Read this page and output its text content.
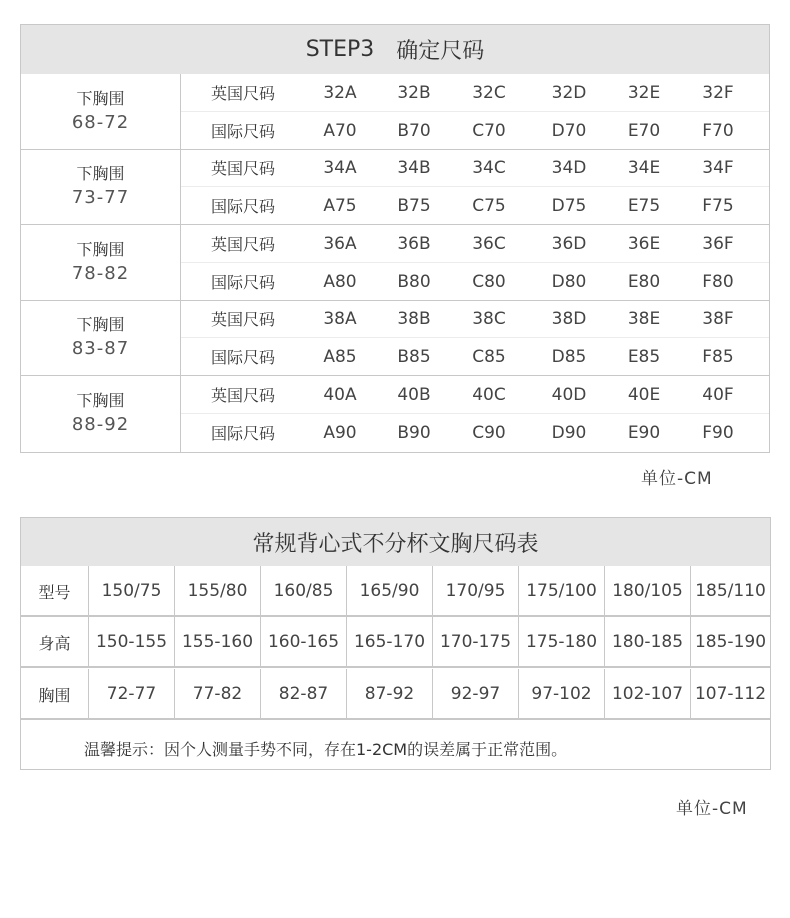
STEP3 确定尺码
下胸围
68-72
英国尺码	32A	32B	32C	32D	32E	32F
国际尺码	A70	B70	C70	D70	E70	F70
下胸围
73-77
英国尺码	34A	34B	34C	34D	34E	34F
国际尺码	A75	B75	C75	D75	E75	F75
下胸围
78-82
英国尺码	36A	36B	36C	36D	36E	36F
国际尺码	A80	B80	C80	D80	E80	F80
下胸围
83-87
英国尺码	38A	38B	38C	38D	38E	38F
国际尺码	A85	B85	C85	D85	E85	F85
下胸围
88-92
英国尺码	40A	40B	40C	40D	40E	40F
国际尺码	A90	B90	C90	D90	E90	F90
单位-CM
常规背心式不分杯文胸尺码表
型号	150/75	155/80	160/85	165/90	170/95	175/100 180/105 185/110
身高	150-155 155-160 160-165 165-170 170-175 175-180 180-185 185-190
胸围	72-77	77-82	82-87	87-92	92-97	97-102	102-107 107-112
温馨提示：因个人测量手势不同，存在1-2CM的误差属于正常范围。
单位-CM
